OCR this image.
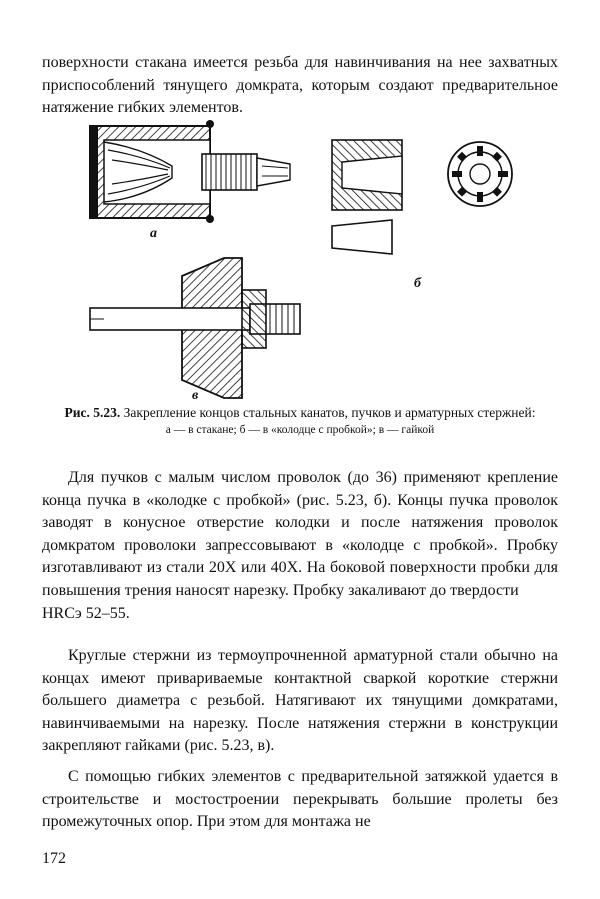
поверхности стакана имеется резьба для навинчивания на нее захватных приспособлений тянущего домкрата, которым создают предварительное натяжение гибких элементов.

а
б
в
Рис. 5.23. Закрепление концов стальных канатов, пучков и арматурных стержней:
а — в стакане; б — в «колодце с пробкой»; в — гайкой

Для пучков с малым числом проволок (до 36) применяют крепление конца пучка в «колодке с пробкой» (рис. 5.23, б). Концы пучка проволок заводят в конусное отверстие колодки и после натяжения проволок домкратом проволоки запрессовывают в «колодце с пробкой». Пробку изготавливают из стали 20Х или 40Х. На боковой поверхности пробки для повышения трения наносят нарезку. Пробку закаливают до твердости
HRCэ 52–55.

Круглые стержни из термоупрочненной арматурной стали обычно на концах имеют привариваемые контактной сваркой короткие стержни большего диаметра с резьбой. Натягивают их тянущими домкратами, навинчиваемыми на нарезку. После натяжения стержни в конструкции закрепляют гайками (рис. 5.23, в).

С помощью гибких элементов с предварительной затяжкой удается в строительстве и мостостроении перекрывать большие пролеты без промежуточных опор. При этом для монтажа не

172
